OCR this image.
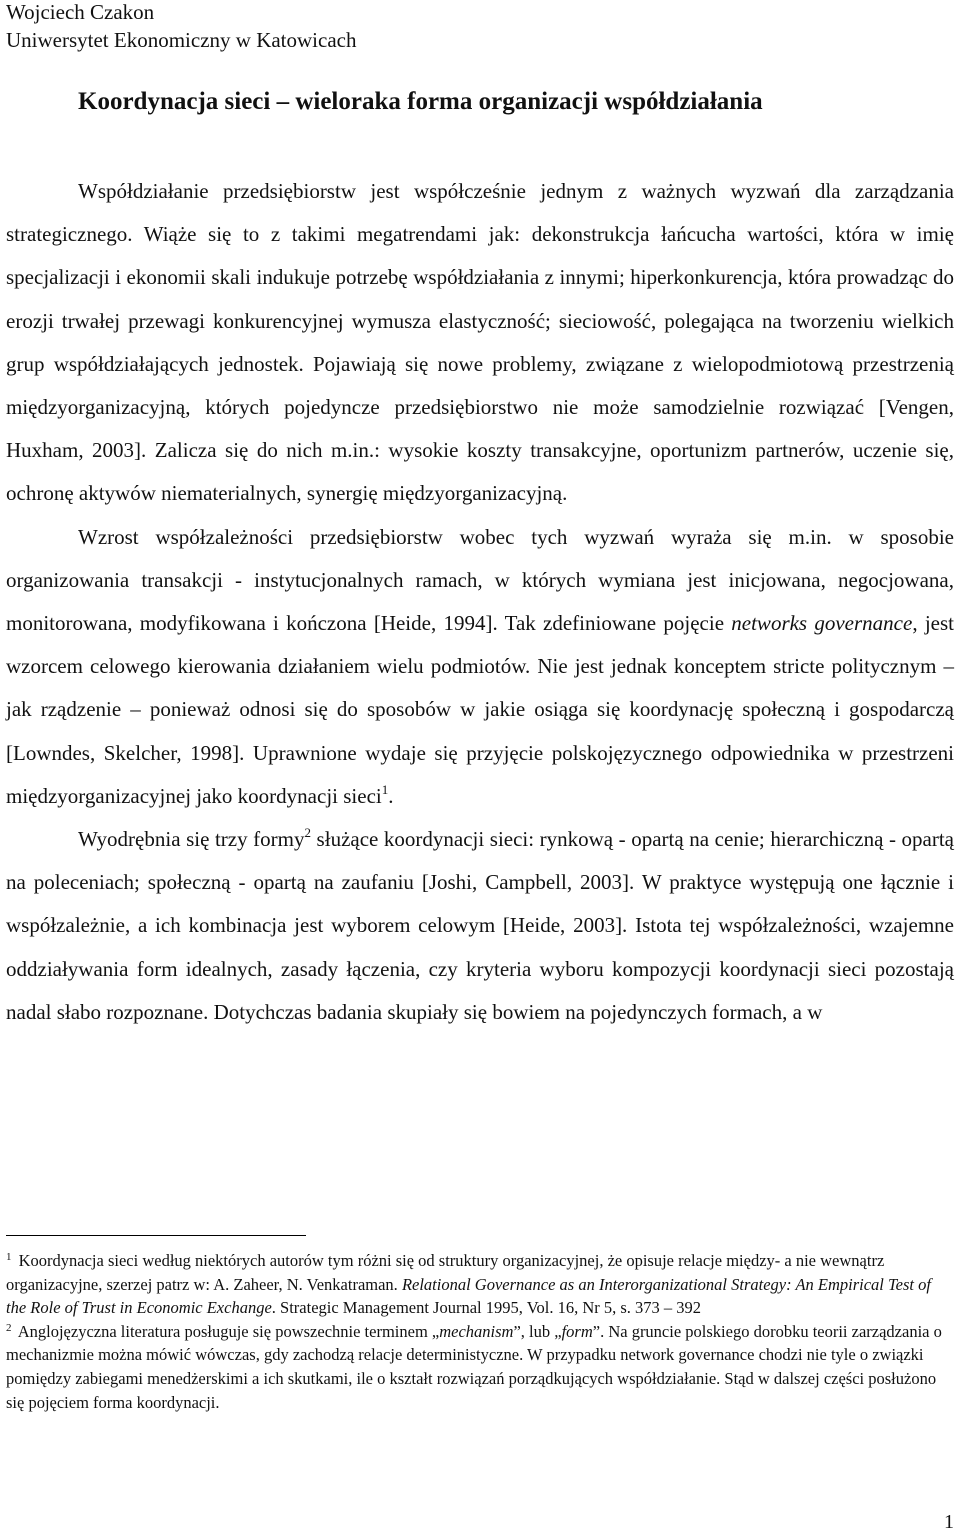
Wojciech Czakon
Uniwersytet Ekonomiczny w Katowicach
Koordynacja sieci – wieloraka forma organizacji współdziałania

Współdziałanie przedsiębiorstw jest współcześnie jednym z ważnych wyzwań dla zarządzania strategicznego. Wiąże się to z takimi megatrendami jak: dekonstrukcja łańcucha wartości, która w imię specjalizacji i ekonomii skali indukuje potrzebę współdziałania z innymi; hiperkonkurencja, która prowadząc do erozji trwałej przewagi konkurencyjnej wymusza elastyczność; sieciowość, polegająca na tworzeniu wielkich grup współdziałających jednostek. Pojawiają się nowe problemy, związane z wielopodmiotową przestrzenią międzyorganizacyjną, których pojedyncze przedsiębiorstwo nie może samodzielnie rozwiązać [Vengen, Huxham, 2003]. Zalicza się do nich m.in.: wysokie koszty transakcyjne, oportunizm partnerów, uczenie się, ochronę aktywów niematerialnych, synergię międzyorganizacyjną.

Wzrost współzależności przedsiębiorstw wobec tych wyzwań wyraża się m.in. w sposobie organizowania transakcji - instytucjonalnych ramach, w których wymiana jest inicjowana, negocjowana, monitorowana, modyfikowana i kończona [Heide, 1994]. Tak zdefiniowane pojęcie networks governance, jest wzorcem celowego kierowania działaniem wielu podmiotów. Nie jest jednak konceptem stricte politycznym – jak rządzenie – ponieważ odnosi się do sposobów w jakie osiąga się koordynację społeczną i gospodarczą [Lowndes, Skelcher, 1998]. Uprawnione wydaje się przyjęcie polskojęzycznego odpowiednika w przestrzeni międzyorganizacyjnej jako koordynacji sieci$^1$.

Wyodrębnia się trzy formy$^2$ służące koordynacji sieci: rynkową - opartą na cenie; hierarchiczną - opartą na poleceniach; społeczną - opartą na zaufaniu [Joshi, Campbell, 2003]. W praktyce występują one łącznie i współzależnie, a ich kombinacja jest wyborem celowym [Heide, 2003]. Istota tej współzależności, wzajemne oddziaływania form idealnych, zasady łączenia, czy kryteria wyboru kompozycji koordynacji sieci pozostają nadal słabo rozpoznane. Dotychczas badania skupiały się bowiem na pojedynczych formach, a w

$^1$ Koordynacja sieci według niektórych autorów tym różni się od struktury organizacyjnej, że opisuje relacje między- a nie wewnątrz organizacyjne, szerzej patrz w: A. Zaheer, N. Venkatraman. Relational Governance as an Interorganizational Strategy: An Empirical Test of the Role of Trust in Economic Exchange. Strategic Management Journal 1995, Vol. 16, Nr 5, s. 373 – 392

$^2$ Anglojęzyczna literatura posługuje się powszechnie terminem „mechanism”, lub „form”. Na gruncie polskiego dorobku teorii zarządzania o mechanizmie można mówić wówczas, gdy zachodzą relacje deterministyczne. W przypadku network governance chodzi nie tyle o związki pomiędzy zabiegami menedżerskimi a ich skutkami, ile o kształt rozwiązań porządkujących współdziałanie. Stąd w dalszej części posłużono się pojęciem forma koordynacji.

1
